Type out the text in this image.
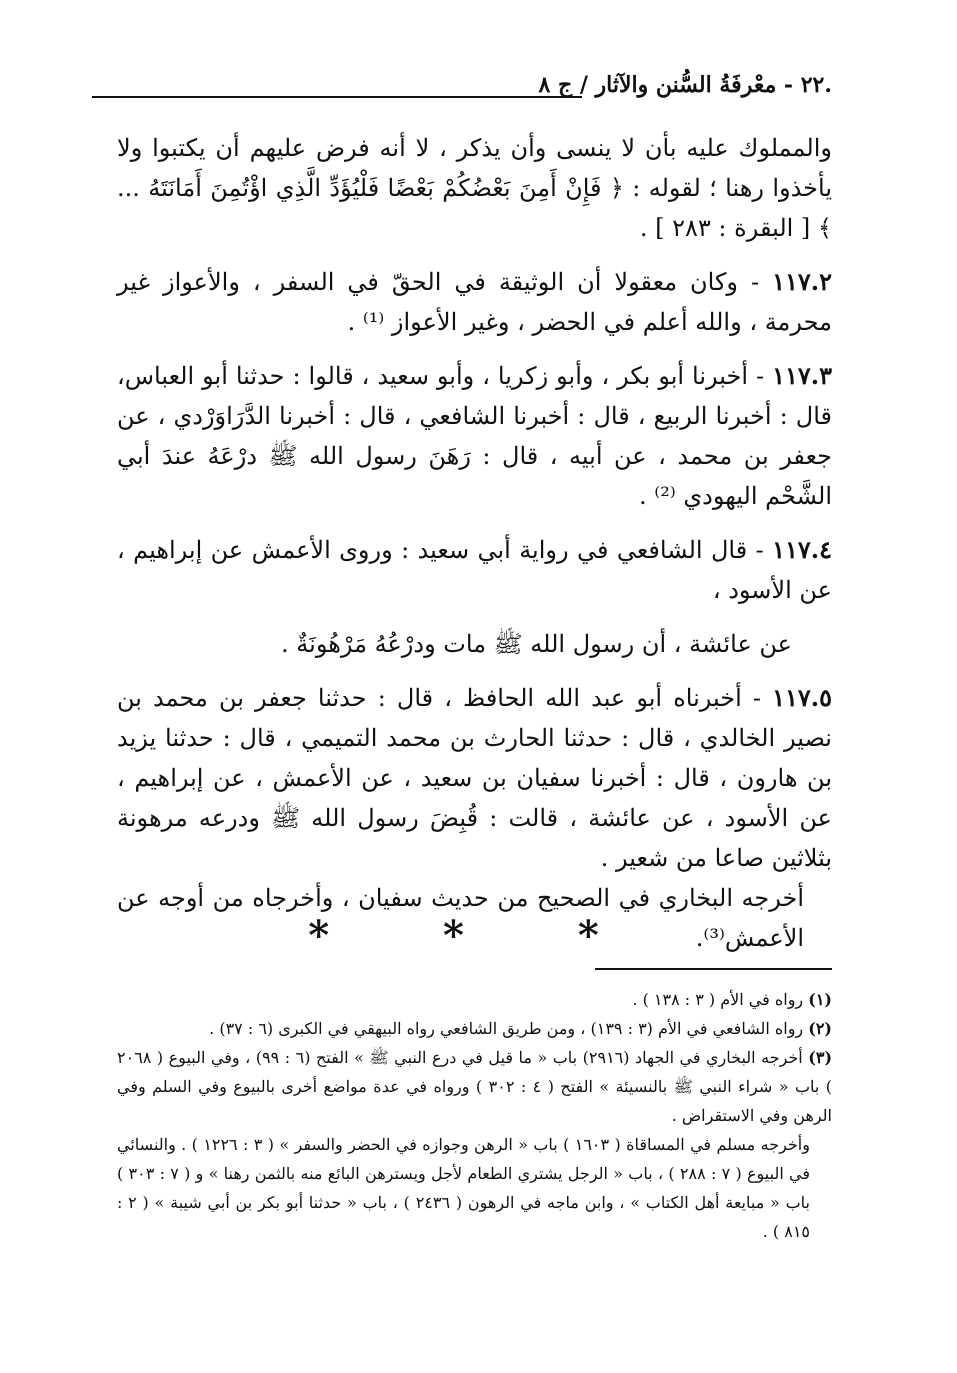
.٢٢ - معْرفَةُ السُّنن والآثار / ج ٨

والمملوك عليه بأن لا ينسى وأن يذكر ، لا أنه فرض عليهم أن يكتبوا ولا يأخذوا رهنا ؛ لقوله : ﴿ فَإِنْ أَمِنَ بَعْضُكُمْ بَعْضًا فَلْيُؤَدِّ الَّذِي اؤْتُمِنَ أَمَانَتَهُ ... ﴾ [ البقرة : ٢٨٣ ] .

١١٧.٢ - وكان معقولا أن الوثيقة في الحقّ في السفر ، والأعواز غير محرمة ، والله أعلم في الحضر ، وغير الأعواز ⁽¹⁾ .

١١٧.٣ - أخبرنا أبو بكر ، وأبو زكريا ، وأبو سعيد ، قالوا : حدثنا أبو العباس، قال : أخبرنا الربيع ، قال : أخبرنا الشافعي ، قال : أخبرنا الدَّرَاوَرْدي ، عن جعفر بن محمد ، عن أبيه ، قال : رَهَنَ رسول الله ﷺ درْعَهُ عندَ أبي الشَّحْم اليهودي ⁽²⁾ .

١١٧.٤ - قال الشافعي في رواية أبي سعيد : وروى الأعمش عن إبراهيم ، عن الأسود ،

عن عائشة ، أن رسول الله ﷺ مات ودرْعُهُ مَرْهُونَةٌ .

١١٧.٥ - أخبرناه أبو عبد الله الحافظ ، قال : حدثنا جعفر بن محمد بن نصير الخالدي ، قال : حدثنا الحارث بن محمد التميمي ، قال : حدثنا يزيد بن هارون ، قال : أخبرنا سفيان بن سعيد ، عن الأعمش ، عن إبراهيم ، عن الأسود ، عن عائشة ، قالت : قُبِضَ رسول الله ﷺ ودرعه مرهونة بثلاثين صاعا من شعير .

أخرجه البخاري في الصحيح من حديث سفيان ، وأخرجاه من أوجه عن الأعمش⁽³⁾.

* * *

(١) رواه في الأم ( ٣ : ١٣٨ ) .

(٢) رواه الشافعي في الأم (٣ : ١٣٩) ، ومن طريق الشافعي رواه البيهقي في الكبرى (٦ : ٣٧) .

(٣) أخرجه البخاري في الجهاد (٢٩١٦) باب « ما قيل في درع النبي ﷺ » الفتح (٦ : ٩٩) ، وفي البيوع ( ٢٠٦٨ ) باب « شراء النبي ﷺ بالنسيئة » الفتح ( ٤ : ٣٠٢ ) ورواه في عدة مواضع أخرى بالبيوع وفي السلم وفي الرهن وفي الاستقراض .

وأخرجه مسلم في المساقاة ( ١٦٠٣ ) باب « الرهن وجوازه في الحضر والسفر » ( ٣ : ١٢٢٦ ) . والنسائي في البيوع ( ٧ : ٢٨٨ ) ، باب « الرجل يشتري الطعام لأجل ويسترهن البائع منه بالثمن رهنا » و ( ٧ : ٣٠٣ ) باب « مبايعة أهل الكتاب » ، وابن ماجه في الرهون ( ٢٤٣٦ ) ، باب « حدثنا أبو بكر بن أبي شيبة » ( ٢ : ٨١٥ ) .
